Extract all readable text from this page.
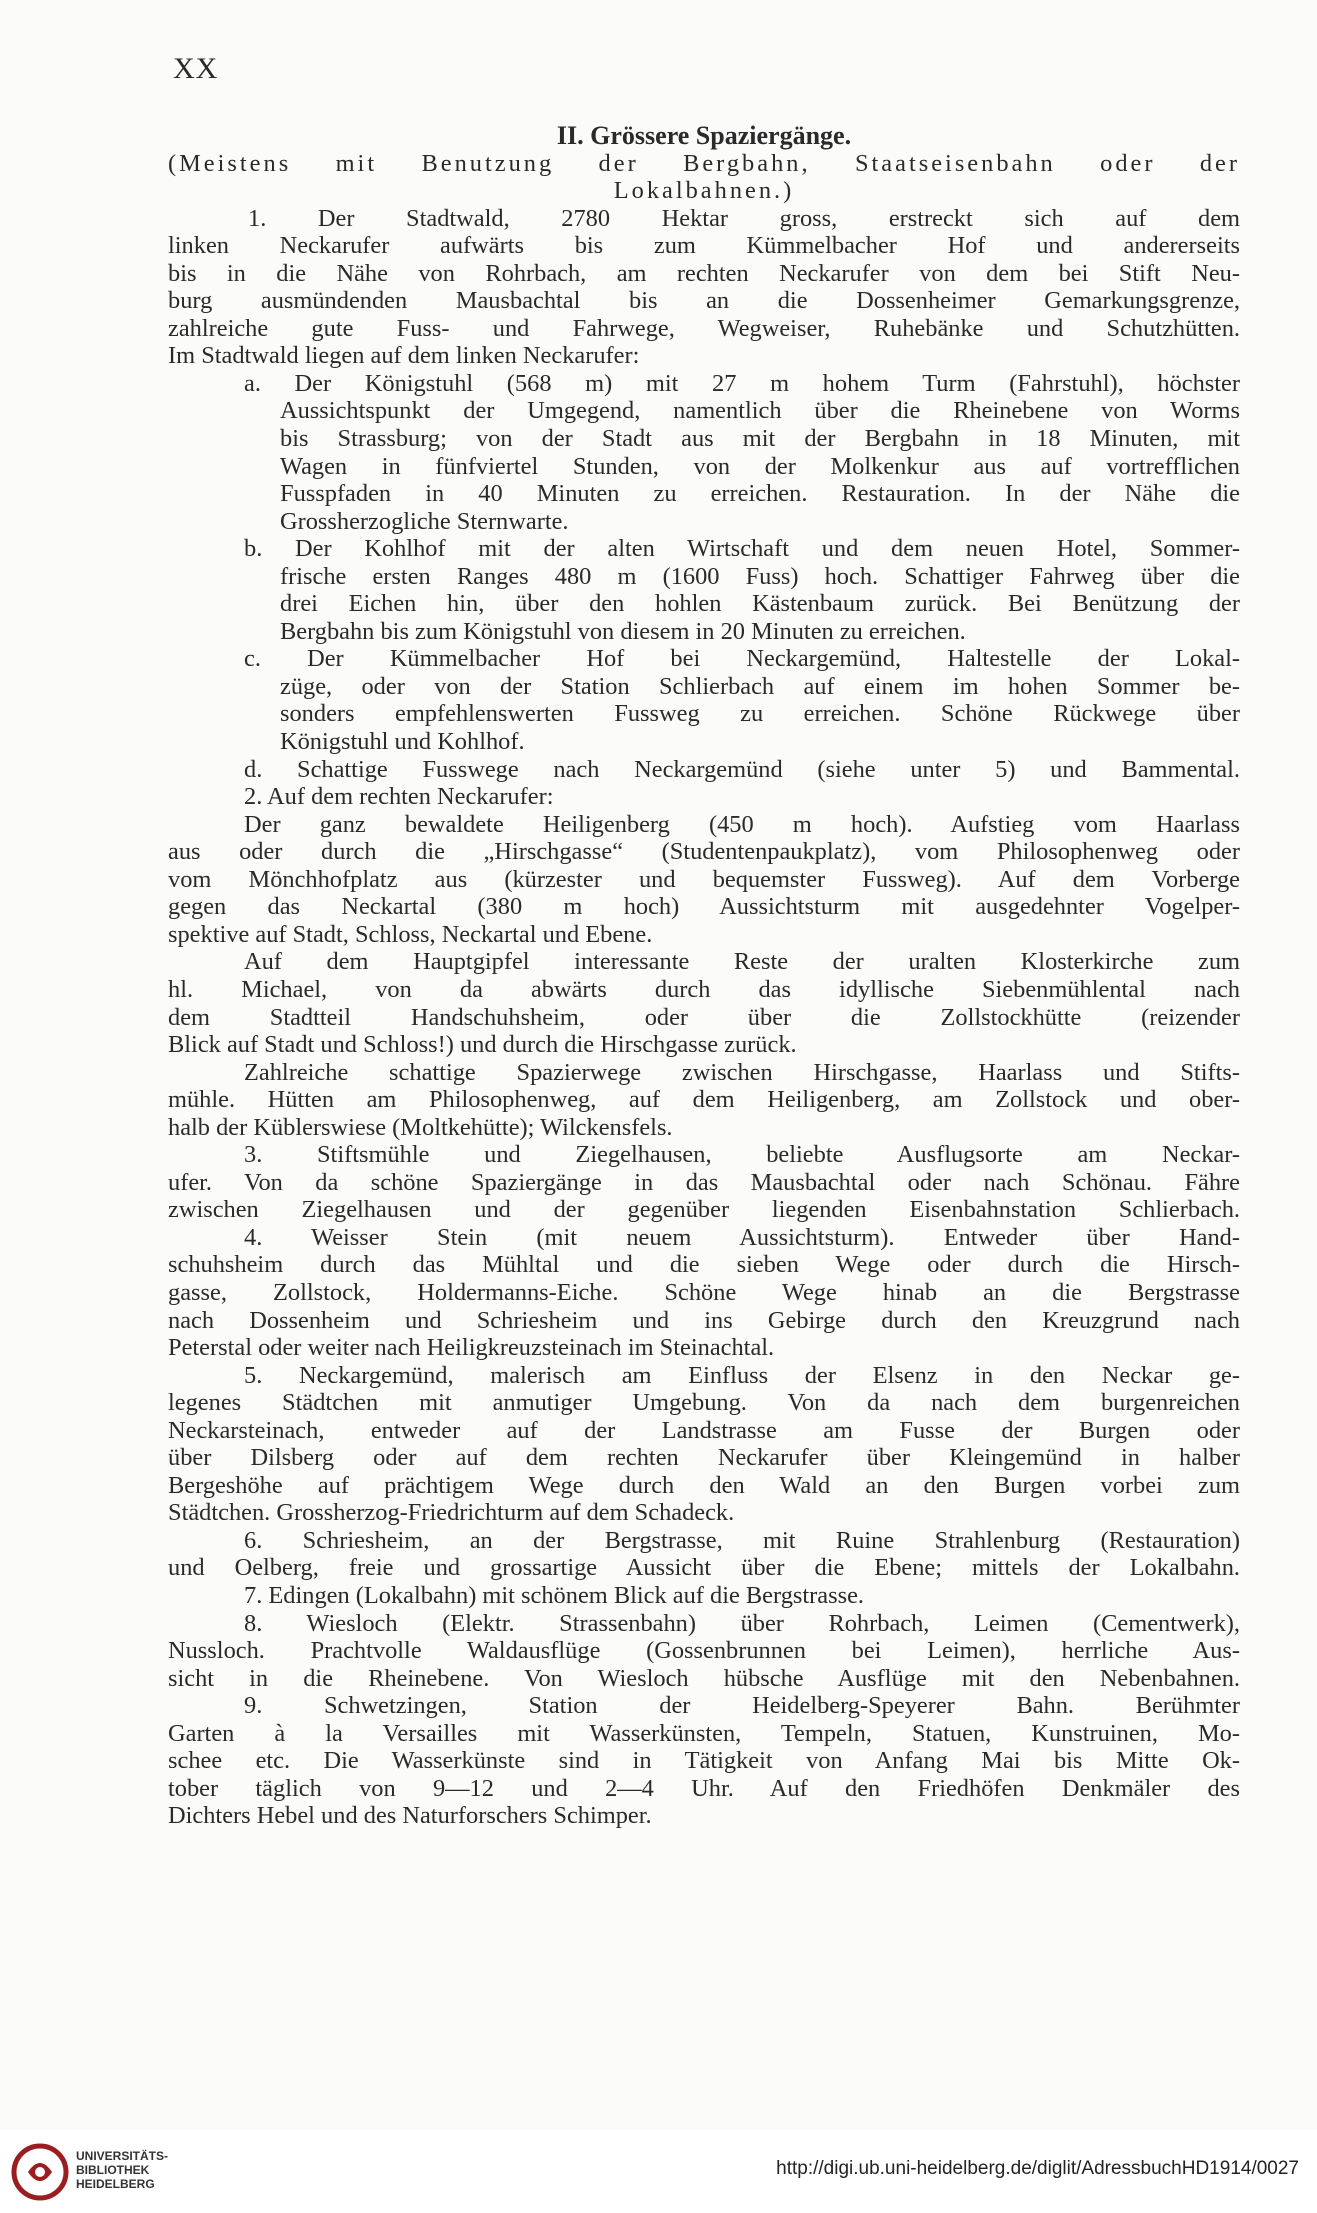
XX
II. Grössere Spaziergänge.
(Meistens mit Benutzung der Bergbahn, Staatseisenbahn oder der
Lokalbahnen.)
1. Der Stadtwald, 2780 Hektar gross, erstreckt sich auf dem
linken Neckarufer aufwärts bis zum Kümmelbacher Hof und andererseits
bis in die Nähe von Rohrbach, am rechten Neckarufer von dem bei Stift Neu-
burg ausmündenden Mausbachtal bis an die Dossenheimer Gemarkungsgrenze,
zahlreiche gute Fuss- und Fahrwege, Wegweiser, Ruhebänke und Schutzhütten.
Im Stadtwald liegen auf dem linken Neckarufer:
a. Der Königstuhl (568 m) mit 27 m hohem Turm (Fahrstuhl), höchster
Aussichtspunkt der Umgegend, namentlich über die Rheinebene von Worms
bis Strassburg; von der Stadt aus mit der Bergbahn in 18 Minuten, mit
Wagen in fünfviertel Stunden, von der Molkenkur aus auf vortrefflichen
Fusspfaden in 40 Minuten zu erreichen. Restauration. In der Nähe die
Grossherzogliche Sternwarte.
b. Der Kohlhof mit der alten Wirtschaft und dem neuen Hotel, Sommer-
frische ersten Ranges 480 m (1600 Fuss) hoch. Schattiger Fahrweg über die
drei Eichen hin, über den hohlen Kästenbaum zurück. Bei Benützung der
Bergbahn bis zum Königstuhl von diesem in 20 Minuten zu erreichen.
c. Der Kümmelbacher Hof bei Neckargemünd, Haltestelle der Lokal-
züge, oder von der Station Schlierbach auf einem im hohen Sommer be-
sonders empfehlenswerten Fussweg zu erreichen. Schöne Rückwege über
Königstuhl und Kohlhof.
d. Schattige Fusswege nach Neckargemünd (siehe unter 5) und Bammental.
2. Auf dem rechten Neckarufer:
Der ganz bewaldete Heiligenberg (450 m hoch). Aufstieg vom Haarlass
aus oder durch die „Hirschgasse“ (Studentenpaukplatz), vom Philosophenweg oder
vom Mönchhofplatz aus (kürzester und bequemster Fussweg). Auf dem Vorberge
gegen das Neckartal (380 m hoch) Aussichtsturm mit ausgedehnter Vogelper-
spektive auf Stadt, Schloss, Neckartal und Ebene.
Auf dem Hauptgipfel interessante Reste der uralten Klosterkirche zum
hl. Michael, von da abwärts durch das idyllische Siebenmühlental nach
dem Stadtteil Handschuhsheim, oder über die Zollstockhütte (reizender
Blick auf Stadt und Schloss!) und durch die Hirschgasse zurück.
Zahlreiche schattige Spazierwege zwischen Hirschgasse, Haarlass und Stifts-
mühle. Hütten am Philosophenweg, auf dem Heiligenberg, am Zollstock und ober-
halb der Küblerswiese (Moltkehütte); Wilckensfels.
3. Stiftsmühle und Ziegelhausen, beliebte Ausflugsorte am Neckar-
ufer. Von da schöne Spaziergänge in das Mausbachtal oder nach Schönau. Fähre
zwischen Ziegelhausen und der gegenüber liegenden Eisenbahnstation Schlierbach.
4. Weisser Stein (mit neuem Aussichtsturm). Entweder über Hand-
schuhsheim durch das Mühltal und die sieben Wege oder durch die Hirsch-
gasse, Zollstock, Holdermanns-Eiche. Schöne Wege hinab an die Bergstrasse
nach Dossenheim und Schriesheim und ins Gebirge durch den Kreuzgrund nach
Peterstal oder weiter nach Heiligkreuzsteinach im Steinachtal.
5. Neckargemünd, malerisch am Einfluss der Elsenz in den Neckar ge-
legenes Städtchen mit anmutiger Umgebung. Von da nach dem burgenreichen
Neckarsteinach, entweder auf der Landstrasse am Fusse der Burgen oder
über Dilsberg oder auf dem rechten Neckarufer über Kleingemünd in halber
Bergeshöhe auf prächtigem Wege durch den Wald an den Burgen vorbei zum
Städtchen. Grossherzog-Friedrichturm auf dem Schadeck.
6. Schriesheim, an der Bergstrasse, mit Ruine Strahlenburg (Restauration)
und Oelberg, freie und grossartige Aussicht über die Ebene; mittels der Lokalbahn.
7. Edingen (Lokalbahn) mit schönem Blick auf die Bergstrasse.
8. Wiesloch (Elektr. Strassenbahn) über Rohrbach, Leimen (Cementwerk),
Nussloch. Prachtvolle Waldausflüge (Gossenbrunnen bei Leimen), herrliche Aus-
sicht in die Rheinebene. Von Wiesloch hübsche Ausflüge mit den Nebenbahnen.
9. Schwetzingen, Station der Heidelberg-Speyerer Bahn. Berühmter
Garten à la Versailles mit Wasserkünsten, Tempeln, Statuen, Kunstruinen, Mo-
schee etc. Die Wasserkünste sind in Tätigkeit von Anfang Mai bis Mitte Ok-
tober täglich von 9—12 und 2—4 Uhr. Auf den Friedhöfen Denkmäler des
Dichters Hebel und des Naturforschers Schimper.
UNIVERSITÄTS-
BIBLIOTHEK
HEIDELBERG
http://digi.ub.uni-heidelberg.de/diglit/AdressbuchHD1914/0027
